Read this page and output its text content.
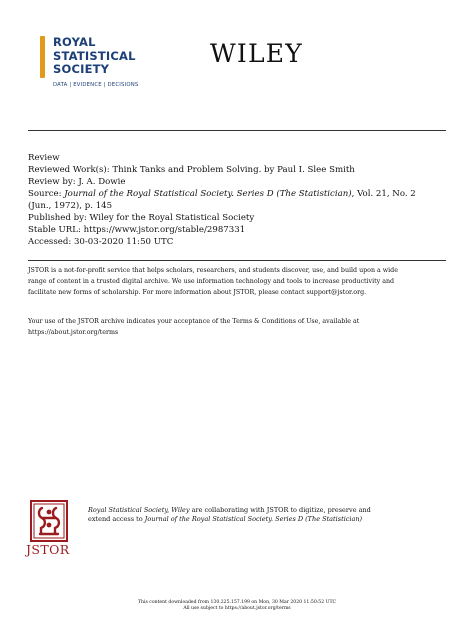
ROYAL
STATISTICAL
SOCIETY
DATA | EVIDENCE | DECISIONS
WILEY
Review
Reviewed Work(s): Think Tanks and Problem Solving. by Paul I. Slee Smith
Review by: J. A. Dowie
Source: Journal of the Royal Statistical Society. Series D (The Statistician), Vol. 21, No. 2
(Jun., 1972), p. 145
Published by: Wiley for the Royal Statistical Society
Stable URL: https://www.jstor.org/stable/2987331
Accessed: 30-03-2020 11:50 UTC
JSTOR is a not-for-profit service that helps scholars, researchers, and students discover, use, and build upon a wide
range of content in a trusted digital archive. We use information technology and tools to increase productivity and
facilitate new forms of scholarship. For more information about JSTOR, please contact support@jstor.org.
Your use of the JSTOR archive indicates your acceptance of the Terms & Conditions of Use, available at
https://about.jstor.org/terms
JSTOR
Royal Statistical Society, Wiley are collaborating with JSTOR to digitize, preserve and
extend access to Journal of the Royal Statistical Society. Series D (The Statistician)
This content downloaded from 130.225.157.199 on Mon, 30 Mar 2020 11:50:52 UTC
All use subject to https://about.jstor.org/terms
